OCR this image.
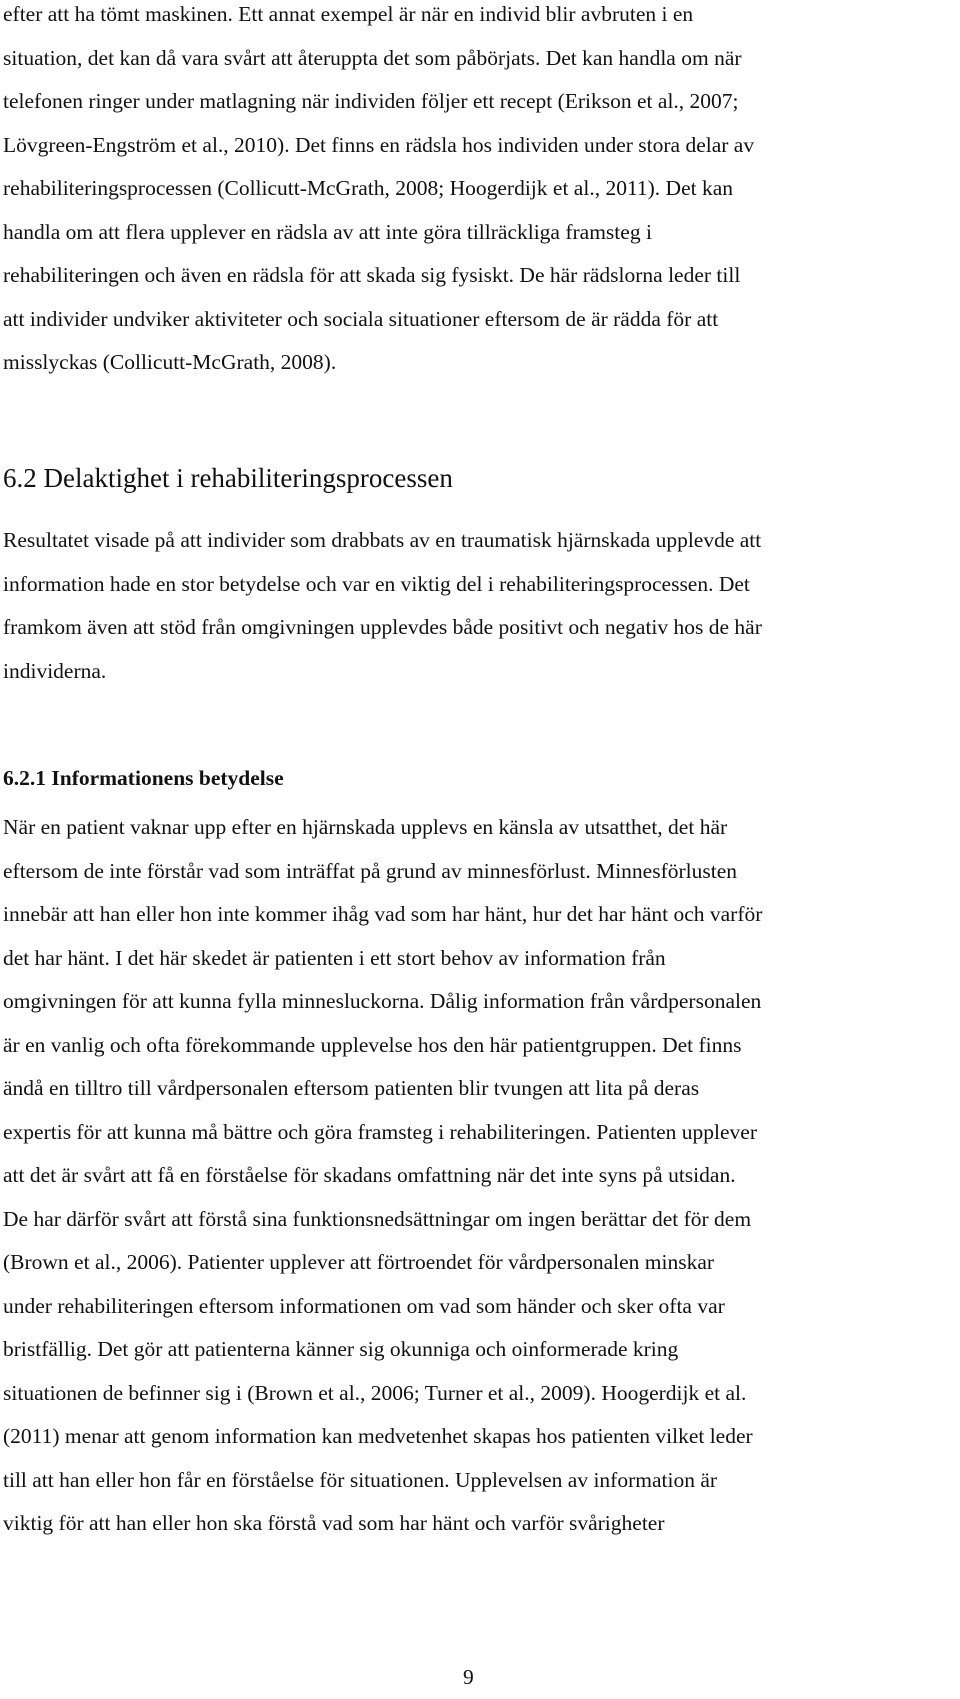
efter att ha tömt maskinen. Ett annat exempel är när en individ blir avbruten i en
situation, det kan då vara svårt att återuppta det som påbörjats. Det kan handla om när
telefonen ringer under matlagning när individen följer ett recept (Erikson et al., 2007;
Lövgreen-Engström et al., 2010). Det finns en rädsla hos individen under stora delar av
rehabiliteringsprocessen (Collicutt-McGrath, 2008; Hoogerdijk et al., 2011). Det kan
handla om att flera upplever en rädsla av att inte göra tillräckliga framsteg i
rehabiliteringen och även en rädsla för att skada sig fysiskt. De här rädslorna leder till
att individer undviker aktiviteter och sociala situationer eftersom de är rädda för att
misslyckas (Collicutt-McGrath, 2008).
6.2 Delaktighet i rehabiliteringsprocessen
Resultatet visade på att individer som drabbats av en traumatisk hjärnskada upplevde att
information hade en stor betydelse och var en viktig del i rehabiliteringsprocessen. Det
framkom även att stöd från omgivningen upplevdes både positivt och negativ hos de här
individerna.
6.2.1 Informationens betydelse
När en patient vaknar upp efter en hjärnskada upplevs en känsla av utsatthet, det här
eftersom de inte förstår vad som inträffat på grund av minnesförlust. Minnesförlusten
innebär att han eller hon inte kommer ihåg vad som har hänt, hur det har hänt och varför
det har hänt. I det här skedet är patienten i ett stort behov av information från
omgivningen för att kunna fylla minnesluckorna. Dålig information från vårdpersonalen
är en vanlig och ofta förekommande upplevelse hos den här patientgruppen. Det finns
ändå en tilltro till vårdpersonalen eftersom patienten blir tvungen att lita på deras
expertis för att kunna må bättre och göra framsteg i rehabiliteringen. Patienten upplever
att det är svårt att få en förståelse för skadans omfattning när det inte syns på utsidan.
De har därför svårt att förstå sina funktionsnedsättningar om ingen berättar det för dem
(Brown et al., 2006). Patienter upplever att förtroendet för vårdpersonalen minskar
under rehabiliteringen eftersom informationen om vad som händer och sker ofta var
bristfällig. Det gör att patienterna känner sig okunniga och oinformerade kring
situationen de befinner sig i (Brown et al., 2006; Turner et al., 2009). Hoogerdijk et al.
(2011) menar att genom information kan medvetenhet skapas hos patienten vilket leder
till att han eller hon får en förståelse för situationen. Upplevelsen av information är
viktig för att han eller hon ska förstå vad som har hänt och varför svårigheter
9
